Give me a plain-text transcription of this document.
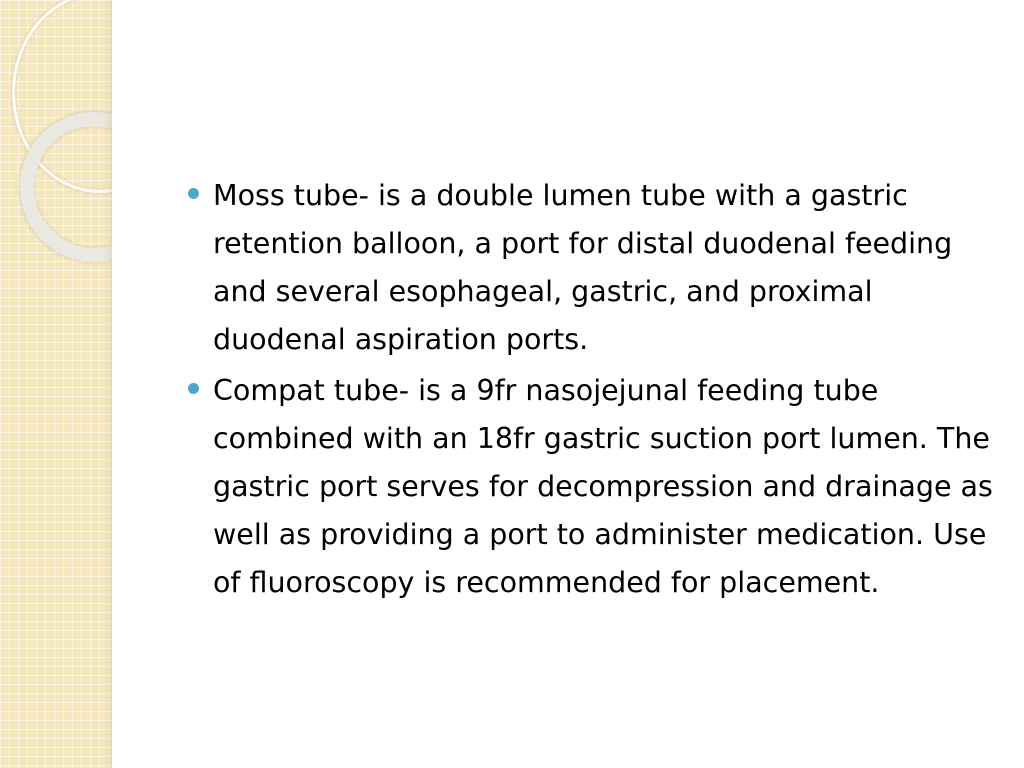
Moss tube- is a double lumen tube with a gastric retention balloon, a port for distal duodenal feeding and several esophageal, gastric, and proximal duodenal aspiration ports.
Compat tube- is a 9fr nasojejunal feeding tube combined with an 18fr gastric suction port lumen. The gastric port serves for decompression and drainage as well as providing a port to administer medication. Use of fluoroscopy is recommended for placement.
